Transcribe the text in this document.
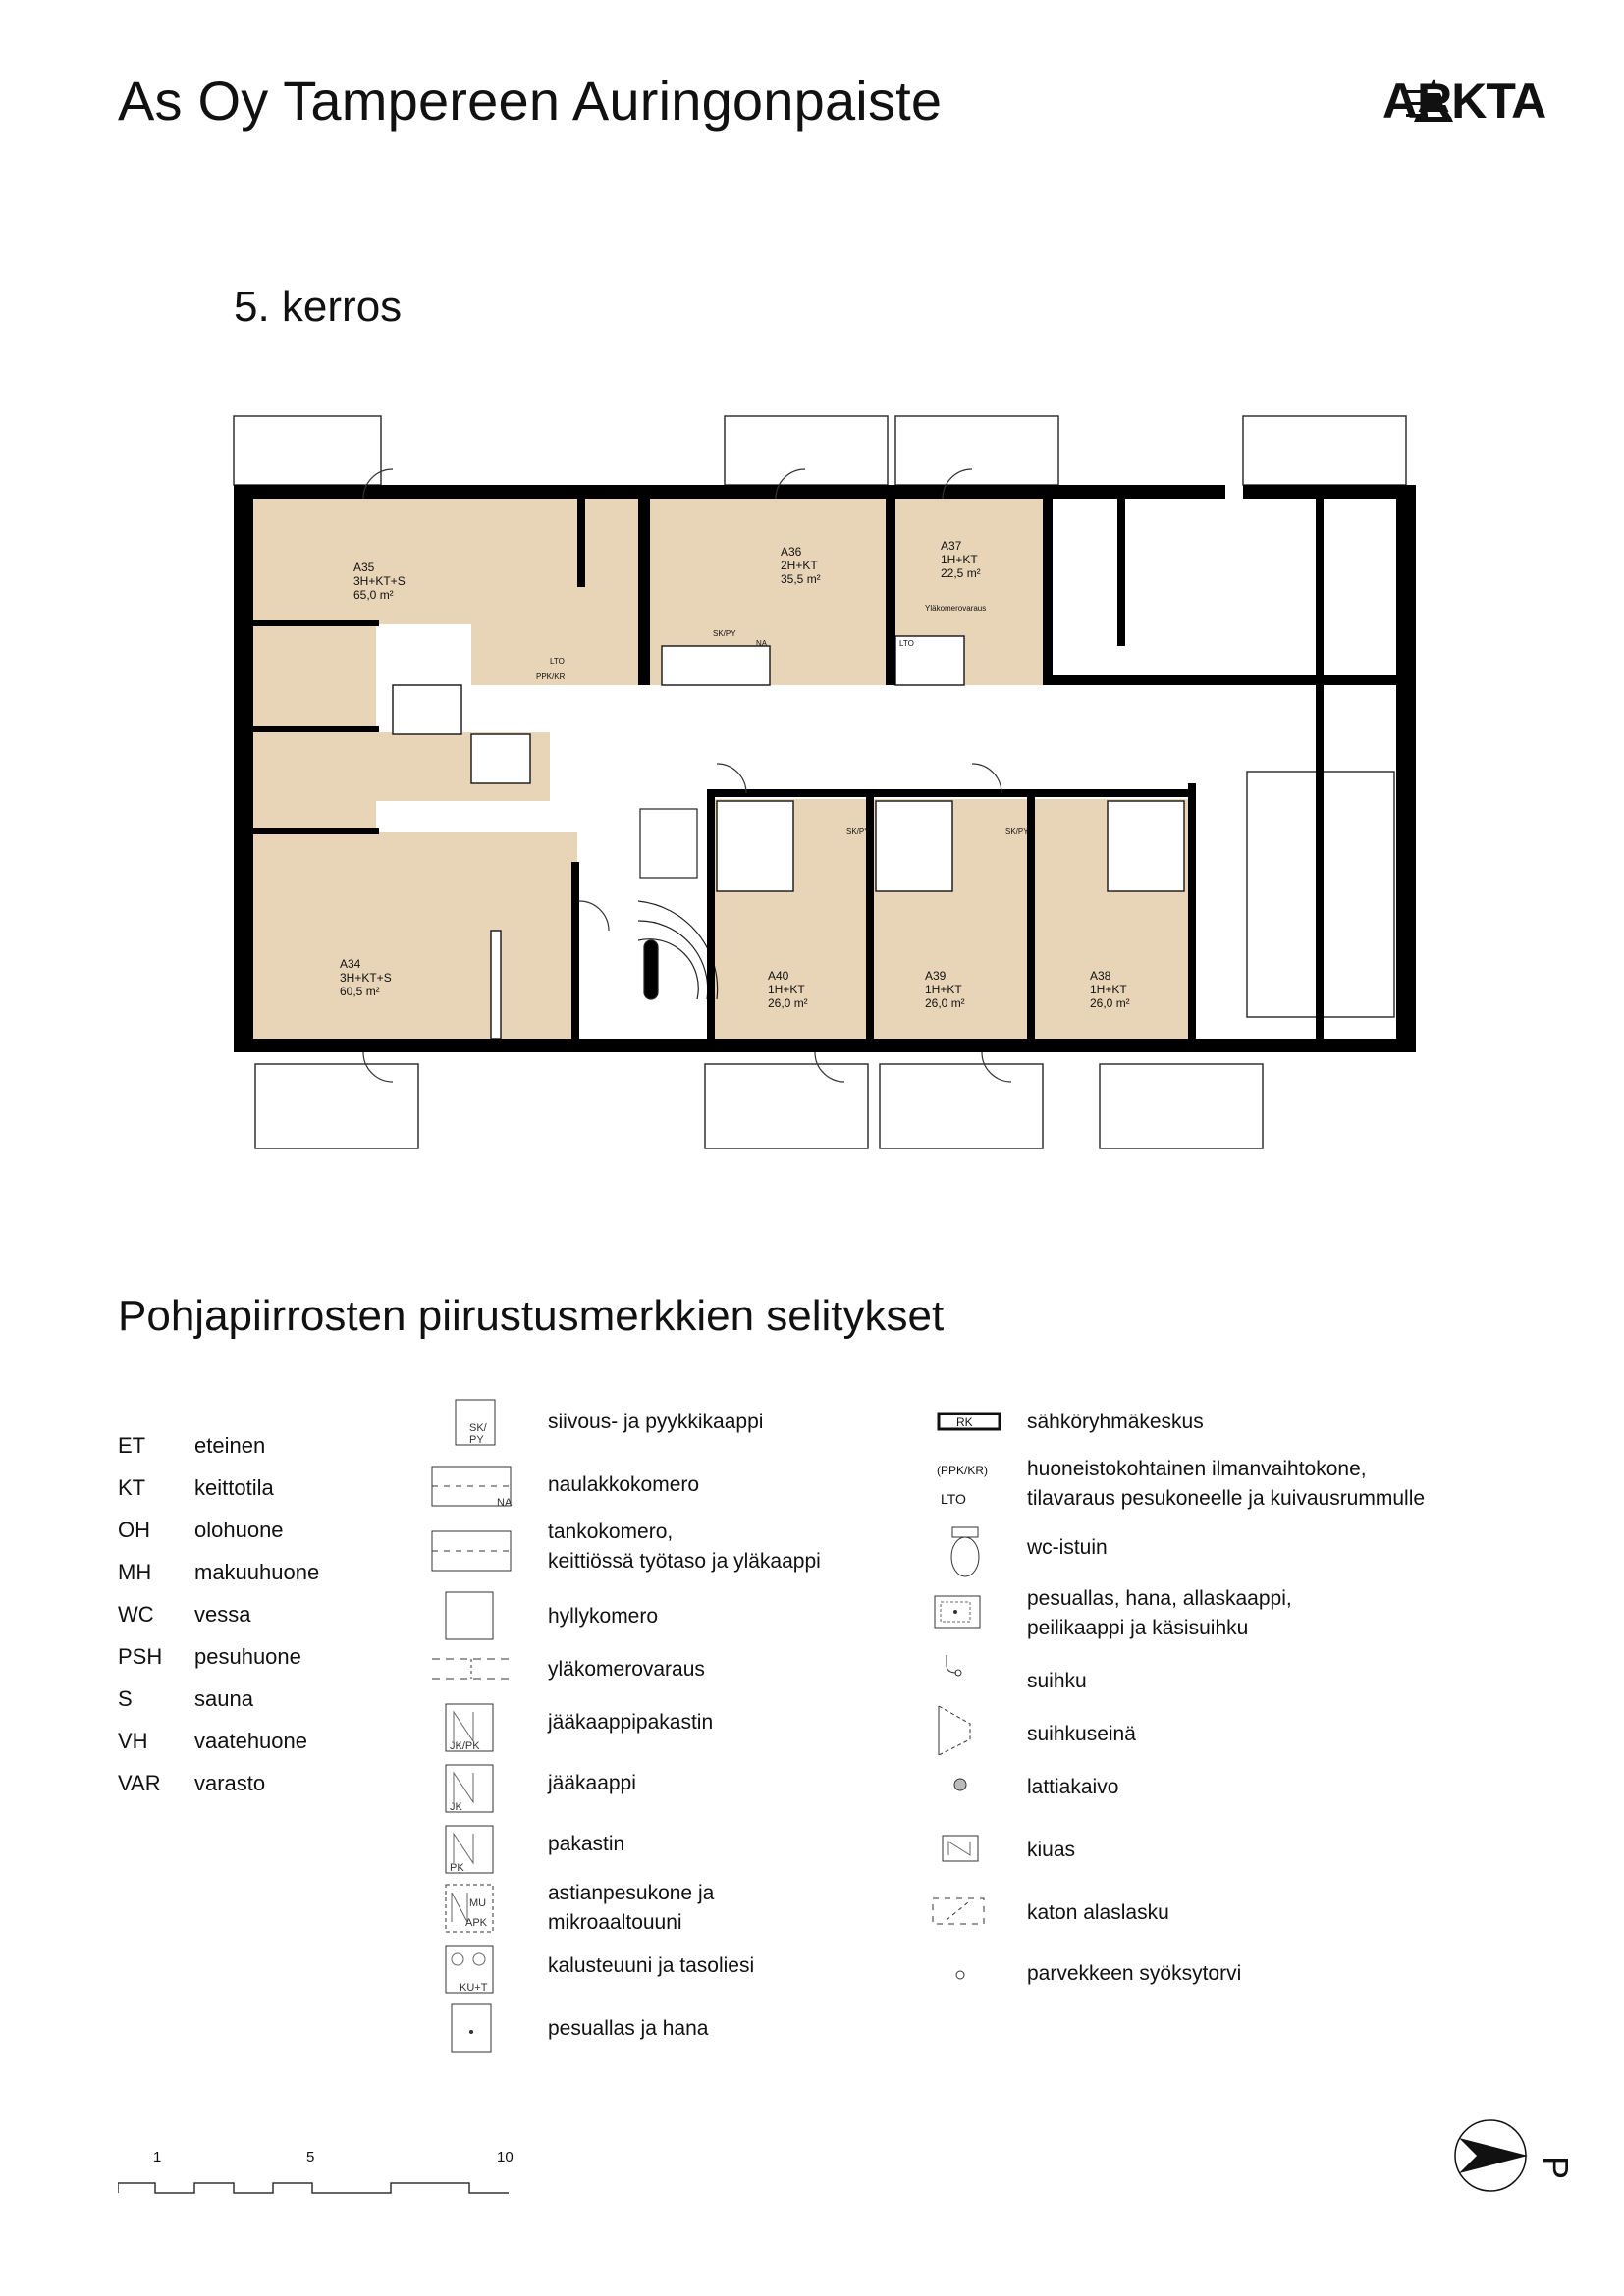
As Oy Tampereen Auringonpaiste	ARKTA
5. kerros
LTO
LTO
SK/PY
NA
Yläkomerovaraus
PPK/KR
SK/PY	SK/PY
A35
3H+KT+S
65,0 m²
A36
2H+KT
35,5 m²
A37
1H+KT
22,5 m²
A34
3H+KT+S
60,5 m²
A40
1H+KT
26,0 m²
A39
1H+KT
26,0 m²
A38
1H+KT
26,0 m²
Pohjapiirrosten piirustusmerkkien selitykset
ET eteinen
KT keittotila
OH olohuone
MH makuuhuone
WC vessa
PSH pesuhuone
S	sauna
VH vaatehuone
VAR varasto
SK/
PY
siivous- ja pyykkikaappi
NA
naulakkokomero
tankokomero,
keittiössä työtaso ja yläkaappi
hyllykomero
yläkomerovaraus
JK/PK
jääkaappipakastin
JK
jääkaappi
PK
pakastin
MU
APK
astianpesukone ja
mikroaaltouuni
KU+T
kalusteuuni ja tasoliesi
pesuallas ja hana
RK	sähköryhmäkeskus
(PPK/KR)
LTO
huoneistokohtainen ilmanvaihtokone,
tilavaraus pesukoneelle ja kuivausrummulle
wc-istuin
pesuallas, hana, allaskaappi,
peilikaappi ja käsisuihku
suihku
suihkuseinä
lattiakaivo
kiuas
katon alaslasku
parvekkeen syöksytorvi
1	5	10	P
